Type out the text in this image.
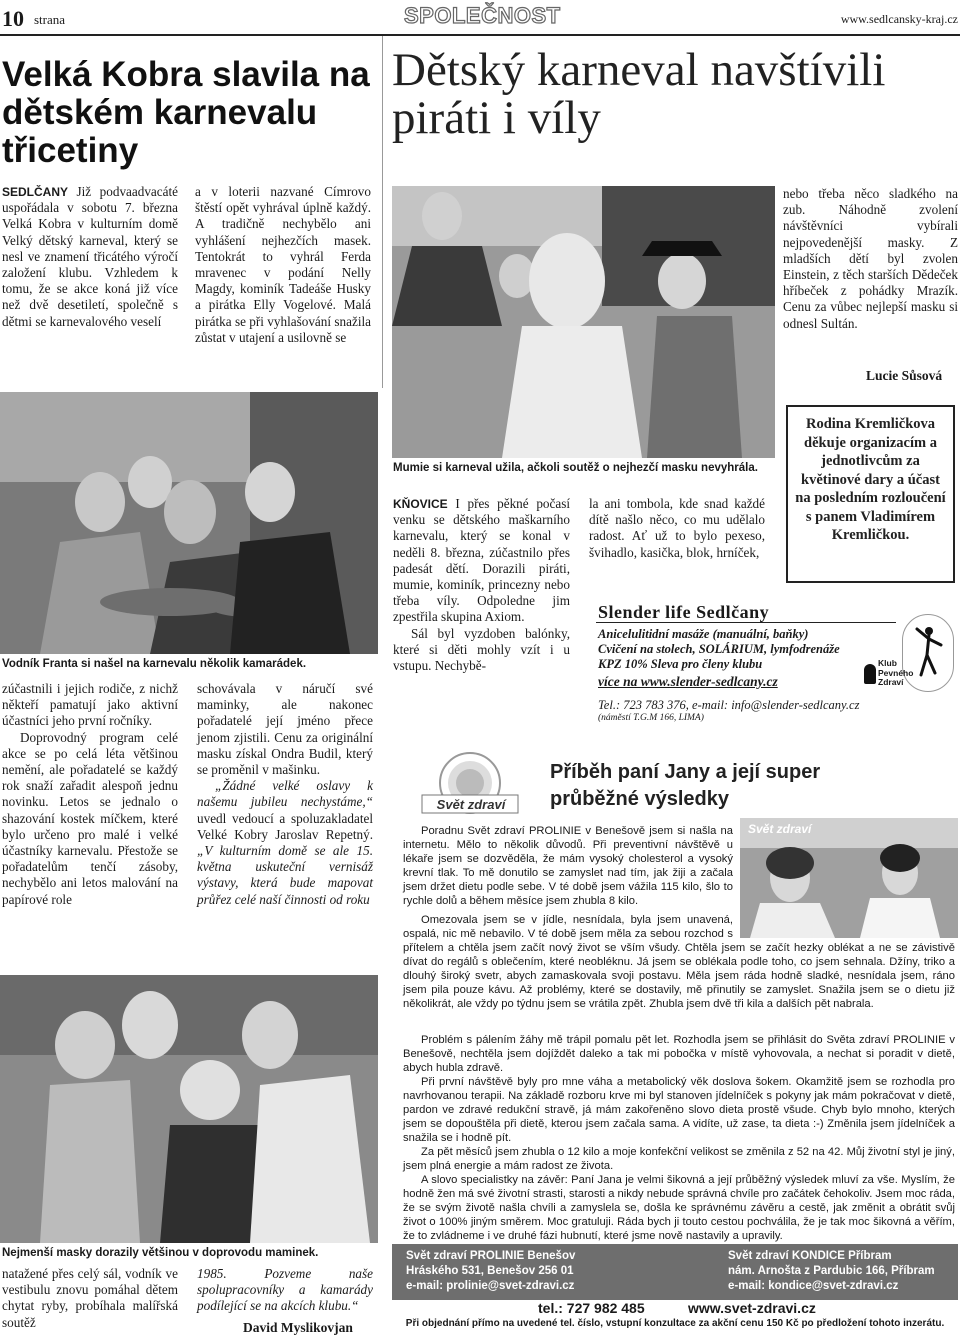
10 strana	SPOLEČNOST	www.sedlcansky-kraj.cz
Velká Kobra slavila na dětském karnevalu třicetiny
SEDLČANY Již podvaadvacáté uspořádala v sobotu 7. března Velká Kobra v kulturním domě Velký dětský karneval, který se nesl ve znamení třicátého výročí založení klubu. Vzhledem k tomu, že se akce koná již více než dvě desetiletí, společně s dětmi se karnevalového veselí
a v loterii nazvané Címrovo štěstí opět vyhrával úplně každý. A tradičně nechybělo ani vyhlášení nejhezčích masek. Tentokrát to vyhrál Ferda mravenec v podání Nelly Magdy, kominík Tadeáše Husky a pirátka Elly Vogelové. Malá pirátka se při vyhlašování snažila zůstat v utajení a usilovně se
Vodník Franta si našel na karnevalu několik kamarádek.

zúčastnili i jejich rodiče, z nichž někteří pamatují jako aktivní účastníci jeho první ročníky.

Doprovodný program celé akce se po celá léta většinou nemění, ale pořadatelé se každý rok snaží zařadit alespoň jednu novinku. Letos se jednalo o shazování kostek míčkem, které bylo určeno pro malé i velké účastníky karnevalu. Přestože se pořadatelům tenčí zásoby, nechybělo ani letos malování na papírové role

schovávala v náručí své maminky, ale nakonec pořadatelé její jméno přece jenom zjistili. Cenu za originální masku získal Ondra Budil, který se proměnil v mašinku.

„Žádné velké oslavy k našemu jubileu nechystáme,“ uvedl vedoucí a spoluzakladatel Velké Kobry Jaroslav Repetný. „V kulturním domě se ale 15. května uskuteční vernisáž výstavy, která bude mapovat průřez celé naší činnosti od roku

Nejmenší masky dorazily většinou v doprovodu maminek.
natažené přes celý sál, vodník ve vestibulu znovu pomáhal dětem chytat ryby, probíhala malířská soutěž
1985. Pozveme naše spolupracovníky a kamarády podílející se na akcích klubu.“
David Myslikovjan
Dětský karneval navštívili piráti i víly
Mumie si karneval užila, ačkoli soutěž o nejhezčí masku nevyhrála.
nebo třeba něco sladkého na zub. Náhodně zvolení návštěvníci vybírali nejpovedenější masky. Z mladších dětí byl zvolen Einstein, z těch starších Dědeček hříbeček z pohádky Mrazík. Cenu za vůbec nejlepší masku si odnesl Sultán.
Lucie Sůsová

KŇOVICE I přes pěkné počasí venku se dětského maškarního karnevalu, který se konal v neděli 8. března, zúčastnilo přes padesát dětí. Dorazili piráti, mumie, kominík, princezny nebo třeba víly. Odpoledne jim zpestřila skupina Axiom.

Sál byl vyzdoben balónky, které si děti mohly vzít i u vstupu. Nechybě-

la ani tombola, kde snad každé dítě našlo něco, co mu udělalo radost. Ať už to bylo pexeso, švihadlo, kasička, blok, hrníček,
Rodina Kremličkova děkuje organizacím a jednotlivcům za květinové dary a účast na posledním rozloučení s panem Vladimírem Kremličkou.
Slender life Sedlčany
Anicelulitidní masáže (manuální, baňky)
Cvičení na stolech, SOLÁRIUM, lymfodrenáže
KPZ 10% Sleva pro členy klubu
více na www.slender-sedlcany.cz
Tel.: 723 783 376, e-mail: info@slender-sedlcany.cz
(náměstí T.G.M 166, LIMA)
Klub Pevného Zdraví
Svět zdraví
Příběh paní Jany a její super průběžné výsledky
Svět zdraví

Poradnu Svět zdraví PROLINIE v Benešově jsem si našla na internetu. Mělo to několik důvodů. Při preventivní návštěvě u lékaře jsem se dozvěděla, že mám vysoký cholesterol a vysoký krevní tlak. To mě donutilo se zamyslet nad tím, jak žiji a začala jsem držet dietu podle sebe. V té době jsem vážila 115 kilo, šlo to rychle dolů a během měsíce jsem zhubla 8 kilo.

Omezovala jsem se v jídle, nesnídala, byla jsem unavená, ospalá, nic mě nebavilo. V té době jsem měla za sebou rozchod s přítelem a chtěla jsem začít nový život se vším všudy. Chtěla jsem se začít hezky oblékat a ne se závistivě dívat do regálů s oblečením, které neobléknu. Já jsem se oblékala podle toho, co jsem sehnala. Džíny, triko a dlouhý široký svetr, abych zamaskovala svoji postavu. Měla jsem ráda hodně sladké, nesnídala jsem, ráno jsem pila pouze kávu. Až problémy, které se dostavily, mě přinutily se zamyslet. Snažila jsem se o dietu již několikrát, ale vždy po týdnu jsem se vrátila zpět. Zhubla jsem dvě tři kila a dalších pět nabrala.

Problém s pálením žáhy mě trápil pomalu pět let. Rozhodla jsem se přihlásit do Světa zdraví PROLINIE v Benešově, nechtěla jsem dojíždět daleko a tak mi pobočka v místě vyhovovala, a nechat si poradit v dietě, abych hubla zdravě.

Při první návštěvě byly pro mne váha a metabolický věk doslova šokem. Okamžitě jsem se rozhodla pro navrhovanou terapii. Na základě rozboru krve mi byl stanoven jídelníček s pokyny jak mám pokračovat v dietě, pardon ve zdravé redukční stravě, já mám zakořeněno slovo dieta prostě všude. Chyb bylo mnoho, kterých jsem se dopouštěla při dietě, kterou jsem začala sama. A vidíte, už zase, ta dieta :-) Změnila jsem jídelníček a snažila se i hodně pít.

Za pět měsíců jsem zhubla o 12 kilo a moje konfekční velikost se změnila z 52 na 42. Můj životní styl je jiný, jsem plná energie a mám radost ze života.

A slovo specialistky na závěr: Paní Jana je velmi šikovná a její průběžný výsledek mluví za vše. Myslím, že hodně žen má své životní strasti, starosti a nikdy nebude správná chvíle pro začátek čehokoliv. Jsem moc ráda, že se svým životě našla chvíli a zamyslela se, došla ke správnému závěru a cestě, jak změnit a obrátit svůj život o 100% jiným směrem. Moc gratuluji. Ráda bych ji touto cestou pochválila, že je tak moc šikovná a věřím, že to zvládneme i ve druhé fázi hubnutí, které jsme nově nastavily a upravily.

Svět zdraví PROLINIE Benešov
Hráského 531, Benešov 256 01
e-mail: prolinie@svet-zdravi.cz
Svět zdraví KONDICE Příbram
nám. Arnošta z Pardubic 166, Příbram
e-mail: kondice@svet-zdravi.cz
tel.: 727 982 485	www.svet-zdravi.cz
Při objednání přímo na uvedené tel. číslo, vstupní konzultace za akční cenu 150 Kč po předložení tohoto inzerátu.
